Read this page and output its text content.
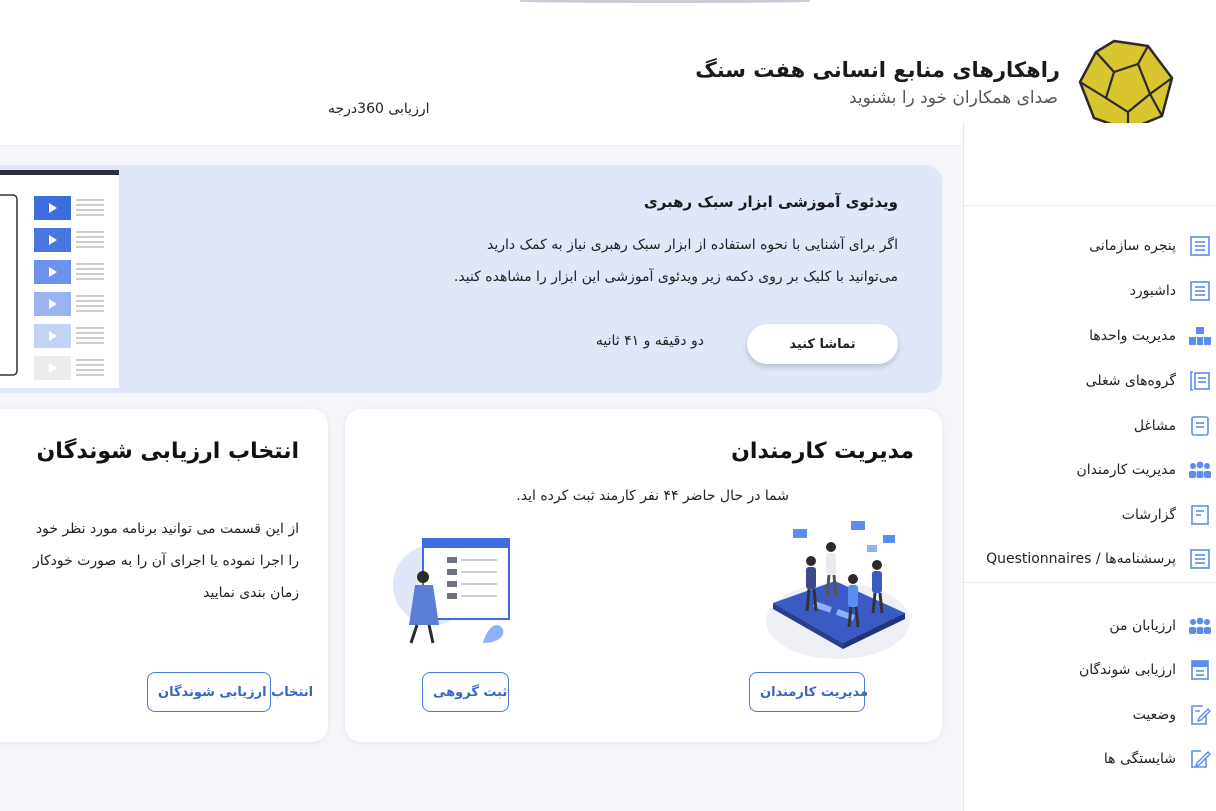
راهکارهای منابع انسانی هفت سنگ
صدای همکاران خود را بشنوید
ارزیابی 360درجه
پنجره سازمانی
داشبورد
مدیریت واحدها
گروه‌های شغلی
مشاغل
مدیریت کارمندان
گزارشات
پرسشنامه‌ها / Questionnaires
ارزیابان من
ارزیابی شوندگان
وضعیت
شایستگی ها
ویدئوی آموزشی ابزار سبک رهبری
اگر برای آشنایی با نحوه استفاده از ابزار سبک رهبری نیاز به کمک دارید می‌توانید با کلیک بر روی دکمه زیر ویدئوی آموزشی این ابزار را مشاهده کنید.
تماشا کنید
دو دقیقه و ۴۱ ثانیه
مدیریت کارمندان
شما در حال حاضر ۴۴ نفر کارمند ثبت کرده اید.
مدیریت کارمندان
ثبت گروهی
انتخاب ارزیابی شوندگان
از این قسمت می توانید برنامه مورد نظر خود را اجرا نموده یا اجرای آن را به صورت خودکار زمان بندی نمایید
انتخاب ارزیابی شوندگان
